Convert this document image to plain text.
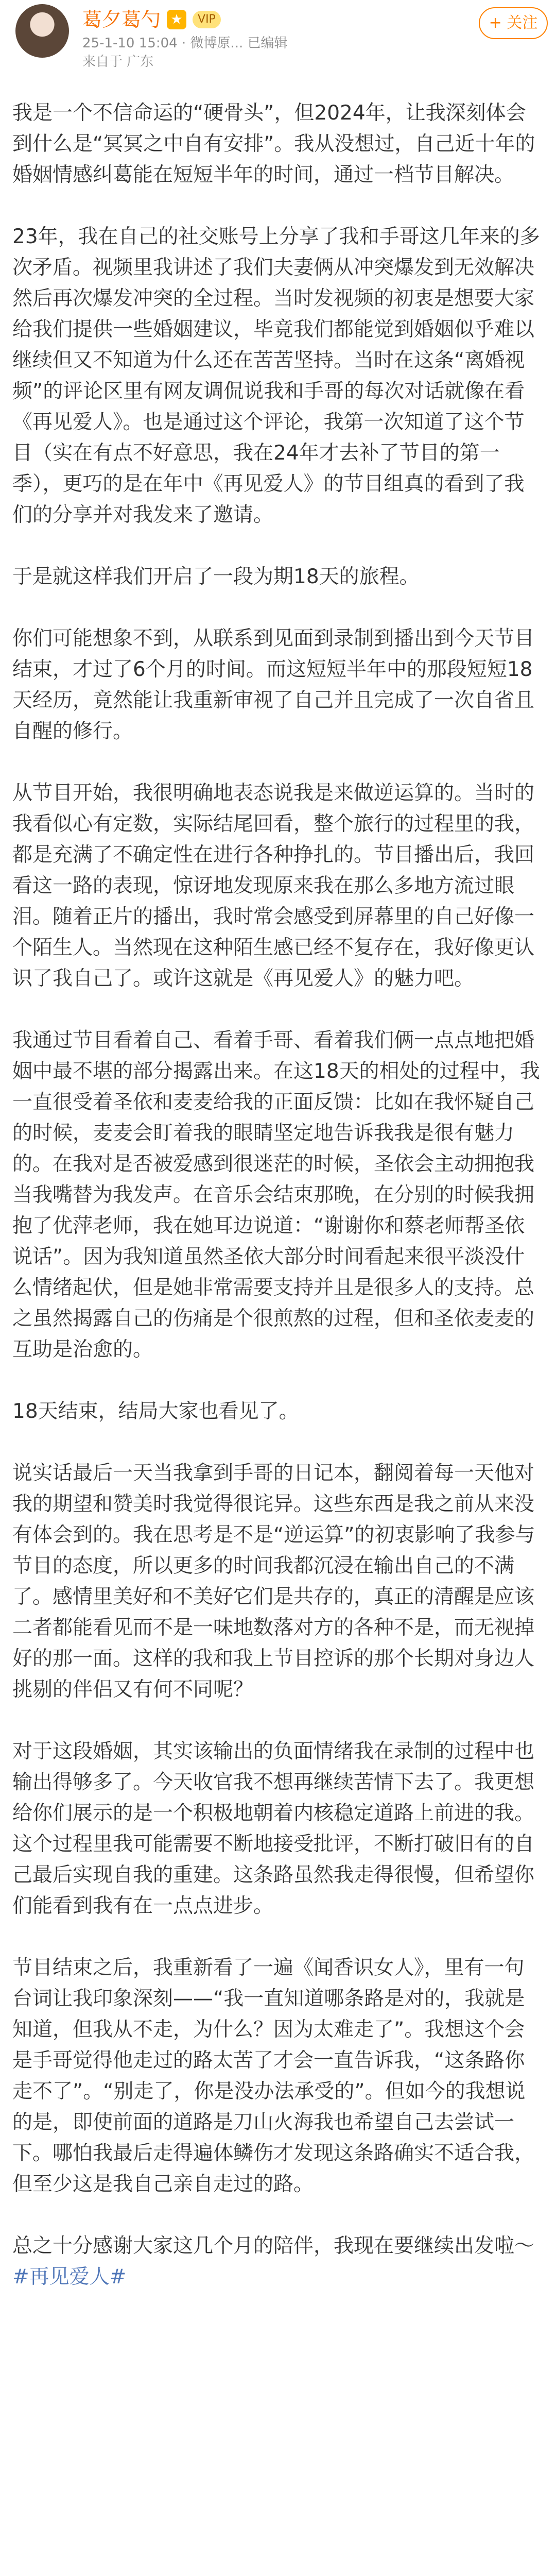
葛夕葛勺 ★	VIP
25-1-10 15:04 · 微博原... 已编辑
来自于 广东
+ 关注

我是一个不信命运的“硬骨头”，但2024年，让我深刻体会到什么是“冥冥之中自有安排”。我从没想过，自己近十年的婚姻情感纠葛能在短短半年的时间，通过一档节目解决。

23年，我在自己的社交账号上分享了我和手哥这几年来的多次矛盾。视频里我讲述了我们夫妻俩从冲突爆发到无效解决然后再次爆发冲突的全过程。当时发视频的初衷是想要大家给我们提供一些婚姻建议，毕竟我们都能觉到婚姻似乎难以继续但又不知道为什么还在苦苦坚持。当时在这条“离婚视频”的评论区里有网友调侃说我和手哥的每次对话就像在看《再见爱人》。也是通过这个评论，我第一次知道了这个节目（实在有点不好意思，我在24年才去补了节目的第一季），更巧的是在年中《再见爱人》的节目组真的看到了我们的分享并对我发来了邀请。

于是就这样我们开启了一段为期18天的旅程。

你们可能想象不到，从联系到见面到录制到播出到今天节目结束，才过了6个月的时间。而这短短半年中的那段短短18天经历，竟然能让我重新审视了自己并且完成了一次自省且自醒的修行。

从节目开始，我很明确地表态说我是来做逆运算的。当时的我看似心有定数，实际结尾回看，整个旅行的过程里的我，都是充满了不确定性在进行各种挣扎的。节目播出后，我回看这一路的表现，惊讶地发现原来我在那么多地方流过眼泪。随着正片的播出，我时常会感受到屏幕里的自己好像一个陌生人。当然现在这种陌生感已经不复存在，我好像更认识了我自己了。或许这就是《再见爱人》的魅力吧。

我通过节目看着自己、看着手哥、看着我们俩一点点地把婚姻中最不堪的部分揭露出来。在这18天的相处的过程中，我一直很受着圣依和麦麦给我的正面反馈：比如在我怀疑自己的时候，麦麦会盯着我的眼睛坚定地告诉我我是很有魅力的。在我对是否被爱感到很迷茫的时候，圣依会主动拥抱我当我嘴替为我发声。在音乐会结束那晚，在分别的时候我拥抱了优萍老师，我在她耳边说道：“谢谢你和蔡老师帮圣依说话”。因为我知道虽然圣依大部分时间看起来很平淡没什么情绪起伏，但是她非常需要支持并且是很多人的支持。总之虽然揭露自己的伤痛是个很煎熬的过程，但和圣依麦麦的互助是治愈的。

18天结束，结局大家也看见了。

说实话最后一天当我拿到手哥的日记本，翻阅着每一天他对我的期望和赞美时我觉得很诧异。这些东西是我之前从来没有体会到的。我在思考是不是“逆运算”的初衷影响了我参与节目的态度，所以更多的时间我都沉浸在输出自己的不满了。感情里美好和不美好它们是共存的，真正的清醒是应该二者都能看见而不是一味地数落对方的各种不是，而无视掉好的那一面。这样的我和我上节目控诉的那个长期对身边人挑剔的伴侣又有何不同呢？

对于这段婚姻，其实该输出的负面情绪我在录制的过程中也输出得够多了。今天收官我不想再继续苦情下去了。我更想给你们展示的是一个积极地朝着内核稳定道路上前进的我。这个过程里我可能需要不断地接受批评，不断打破旧有的自己最后实现自我的重建。这条路虽然我走得很慢，但希望你们能看到我有在一点点进步。

节目结束之后，我重新看了一遍《闻香识女人》，里有一句台词让我印象深刻——“我一直知道哪条路是对的，我就是知道，但我从不走，为什么？因为太难走了”。我想这个会是手哥觉得他走过的路太苦了才会一直告诉我，“这条路你走不了”。“别走了，你是没办法承受的”。但如今的我想说的是，即使前面的道路是刀山火海我也希望自己去尝试一下。哪怕我最后走得遍体鳞伤才发现这条路确实不适合我，但至少这是我自己亲自走过的路。

总之十分感谢大家这几个月的陪伴，我现在要继续出发啦～
#再见爱人#
